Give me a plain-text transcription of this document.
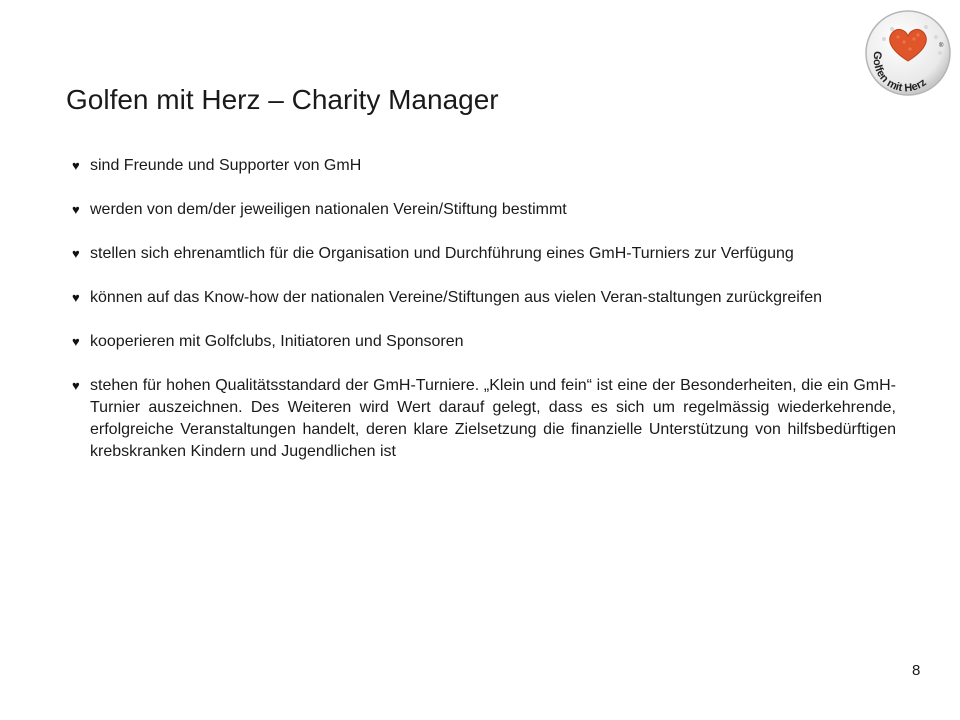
Golfen mit Herz
®
Golfen mit Herz – Charity Manager
♥ sind Freunde und Supporter von GmH
♥ werden von dem/der jeweiligen nationalen Verein/Stiftung bestimmt
♥ stellen sich ehrenamtlich für die Organisation und Durchführung eines GmH-Turniers zur Verfügung
♥ können auf das Know-how der nationalen Vereine/Stiftungen aus vielen Veran-staltungen zurückgreifen
♥ kooperieren mit Golfclubs, Initiatoren und Sponsoren
♥ stehen für hohen Qualitätsstandard der GmH-Turniere. „Klein und fein“ ist eine der Besonderheiten, die ein GmH-Turnier auszeichnen. Des Weiteren wird Wert darauf gelegt, dass es sich um regelmässig wiederkehrende, erfolgreiche Veranstaltungen handelt, deren klare Zielsetzung die finanzielle Unterstützung von hilfsbedürftigen krebskranken Kindern und Jugendlichen ist
8
